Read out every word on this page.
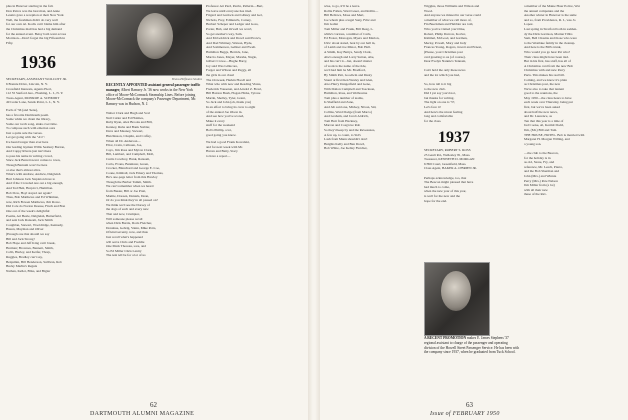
plus in Hanover starting in the fall.
Don Peirce was the best man, and Anne
Lessirs gave a reception at their New York
Well, the freshman didn't do very well
for our own Al. Kocik can't blame him after
the Christmas mail has had a big demand
for the annual event. Betsy both went across
Morrison—Don't forget the big Fifteenth in
Fifty.
1936
SECRETARY, ASSISTANT WOLCOTT JR.
6 Bonnie Drive, Lincoln, N. Y.
Crossfield Interests, Agents Elect,
112 55 Sanford Ave., Flushing, L. I., N. Y.
Treas-Agent, MONROE A. SCHMIDT
49 Cedar Lane, Sands Point, L. I., N. Y.
Each of '36 (and 'hens),
has a favorite Dartmouth poem.
Some while we chant the library,
Some our torch song, sinks over time.
To compose such with emotion ours
Just a quite sale the verses.
Let get going with the "A's":
Ive heard longer than ever here
Our leading laymen Willis Seabury Burton,
And Cappy Rivera just isn't there
to pass his name in writing crowd,
Since Jack Barrett never comes to town,
Though Barnum won't be here
or else that's almost alive.
What's with Andrew, Andrew, Dalgleish
Burt Johnson Jack Stapleton have to
And if the Crowded Are out a big enough,
And Ted Heit, Herpicci, Hamilton.
Bob Dow, Hoyt stayed out again?
Thus, Bob Matthews and Ed Whitman,
now, Rich Bowen Matthews, Jim Rowe.
Did Cole do Norton Deesse, Finch and Bon
One out of the week's delightful
Poems, Art Beale, Dalgleish, Butterfield,
and sent Jack Ransom, Jack Smith
Coughlan, Stewart, Wooldridge, Kennedy,
Hazen, Mayman and Oliver
(Enough one that should we say
Bill and Jack Strong!
Bob Hope and Jeff King can't break,
Herman; Brownes, Bennett, Smith,
Cobb, Hurley, and Keifer, Thorp,
Ruggles, Bradley can't say,
Benjamin, Bill Henderson, Sullivan, Rob
Bucky Marlin's Reguis
Nathan, Keller, Bliss, and Bigler
Bruno-Hoffmann Studios
RECENTLY APPOINTED assistant general passenger traffic manager, Albert Ramsey Jr. '36 now works in the New York office of Moore-McCormack Steamship Lines. Before joining Moore-McCormack the company's Passenger Department, Mr. Ramsey was in Hudson, N. J.
Walter Clark and Hugh and Scal
Neil Cutler and Ed Holmes,
Ruby Ryan, Alex Brooks and Bill,
Kenney, Rube and Bank Stabler,
Dave and Meaney, Stewart,
Hutchinson, Chaplin, and Coffey,
When all Dr. Anderson—
Eliot, Crain, Calhoun, Joe,
Cayo, Jim Ross and Myron Clark,
Bill, Lambert, and Campbell, Moll,
Curtis Cowdrey, Hank, Ransom,
Carlo, Evans, Bannister, Green,
Crocker, Blanchard and George E. Coe,
Coane, Kimball, Jack Emery and Thomas,
He's one-page letter from this Hawley
Though the Barber Tamm, Smith.
We can't remember when we heard
from Buster, Bill or Joe Pratt,
Mamie, Doreen, Daniels, Dean,
Or do you think they've all passed on?
We think we'd see the Dorsey of
the dogs of each and every new
That and now, Crumpter,
Will someone please recall
when Dick Burris, Doris Fletcher,
Donahue, Gehrig, Vainn, Mike Potts,
Of kind seventy, now, and thus
Just recall what's happened
will serve Chris and Freddie
One Mark Thoreau, sore, and
So Ed Miller Chris Lantry
The tent tell be for a lot of us
Professor Art Pard, Perrin, Pallerin—Bert,
We leave until everyone has tried.
Frigard and Gurlock and Gibney and Gel,
Nichols, Frey, Edmund's, Carney,
Herbert Scheper and Ledger and Goss,
Porter, Bub, and Orwell we won't,
So get another's way, Sam.
And McGoldrick and Dowd said Prote's,
And Dad Whitney, Watson, Hyde,
And Sommerson, Gellner and Ewelt.
Hamilton Beggs, Herrick, Jane,
Marcia Jones, Meyer, Marsha, Nagle,
Gilbert Crowe—Hughe Barry,
Joy said Wes Gillecore,
Forger and Wilson and Peggy, all
the girls in our class!
The Oroweek, Herkin Hoodl and
What who with new and Reading Vistas,
Frederick Yousenat, and Arnold Z. Bowl,
Bill Haxton Bush, Hogan Hicks, Tyrone
Martin, Shelley, Tyler, Grant,
So Jack and John (oh, thank you)
In an effort to bring its crew to eight
of the annual Joe Olson in.
And see how you've scored,
Make it every
stuff for the weekend
Bob's Phillip, a lot,
good going you know.
We had a good Frank Kowalski,
and for next week with Mr.
Haven and Betty, Stacy
to have a report—
62
DARTMOUTH ALUMNI MAGAZINE
wise, to go, it'll be a leave.
Rollie Fallen, Ward Greer, and Rollin—
Bill Bellows, Mose and Mert,
Joe whom plus a legal Suzy, Fritz and
Jim Gallet
Tom Miller and Frank, Bill Deag, L.
while's various, a number of Carls,
Ed Foster, Monogan, Myers and Marion,
Ulric about stated, beat by our hall in,
of Lamb and Joe Minor, Bob Hall.
A Smith, Kay Bettys, Sandy Clark,
Abe's enough and Larry Sutton, Abe,
and his can't it—but, doesn't matter
of work is the name of the tide,
we'd had him be Mr. Bradford,
By Smith Patt, Goodwin and Dusty
Stuart at first then Wesley and Glen,
Also Harry Dangerfield and Gene,
With Dalton Campbell and Toeckson,
Hamilton, Ross, and Welbourne
Tom plus a number of teams,
Is Sheffield and Zane,
And Jeb said one, Mickey, Nixon, Sid,
Collins, Ward Dodge (from Marco)
And Graham, and Jacob Aldrich,
Tom Heit from Hackney,
Marron and Cosgrove Rob
So they'd keep by and the Reveauxes,
A few up, to count, to Sid's
Lash from Mann shouldn't don't
Heights Kelly and Ben Dowd,
Bob White, Joe Kelley Fletcher,
Wiggins, those Williams and Wilson and
Wood.
And anyone we missed in our verse could
a member of what we call more of,
Fin Beeckman and Hebbler are told,
Who you've visited you'd like,
Robert, Philip Darrow, Kovler,
Kimmel, McLeod, and Garman,
Mecky, Powell, Mary and Judy
Frances Young, Rogers, Jewett and Ernest,
(Please, your Christmas post
card greeting to us (of course).
Dear Evelyn Nannie's Tennant,

Can't hold the only these news
and the lot which you had,

So, how tall is it big
to the new club.
Did I yet say you'd not,
but thanks for writing.
The light on one is '37,
Let's face it!
And here's the nicest feeling
long and comfortable
for the class.

1937
SECRETARY, ROBERT S. ROSS
25 Gault Rd., Wellesley 81, Mass.
Treasurer, KENNETH D. MORGAN
6 Hill Court, Greenfield, Mass.
Class Agent, BAKER A. O'BRIEN JR.

Perhaps acknowledge, too, that
The Beacon might pleased that have
had much to come,
when the new year of this year,
is well for the new and the
hope for the end.
a member of the Maine Hour Police, War
the annual companies and the
Another winter in Hanover is the same
and so, from Providence, R. I., was Jo
Lopez.
Last spring in Stratford both in sadden-
dy the Dick Garrison, Marian Tibbs
Sam, Bell Chasins and those who were
to the Westlake family in the cleanup.
And here is the Bill's trunk,
Who would you go hear Pat who?
Their class might have been tied.
But in his first, has stuff, has all of
A Christmas card from the new Bob
Christmas with and new Perry
Paris. This makes his real bill.
Coming, and we know it's plain
as Christmas post, the new
We're also to take that lenient
good to the reunions, the
May 1950—the class hears to have
each week over Thursday, being put
first, but we've been asked
about half the new news,
and Dr. Laurence, as
Ten that this year is a time of
Jud Cooke, Al, Kermit Dodd,
Jim, (Mr.) Bill and Tom.
THE HOUSE, HOTEL. Bob is married with
Margaret H. Morgan Willing, and
a young son.

—the club to the Beacon,
for the holiday is in
as old, Stone, Fry, and
reference, Mr. Leach, Pierre,
and the Bob Sherman and
John (Mrs.) and Winnie
Perry (Mrs.) Pete Nelson
Jim Miller from (a lot)
with all their new
these of the Rev.
A RECENT PROMOTION makes E. James Stephens '37 regional assistant to charge of the passenger and operating division of the Howell Street Passenger Service. He has been with the company since 1937, when he graduated from Tuck School.
63
Issue of FEBRUARY 1950
